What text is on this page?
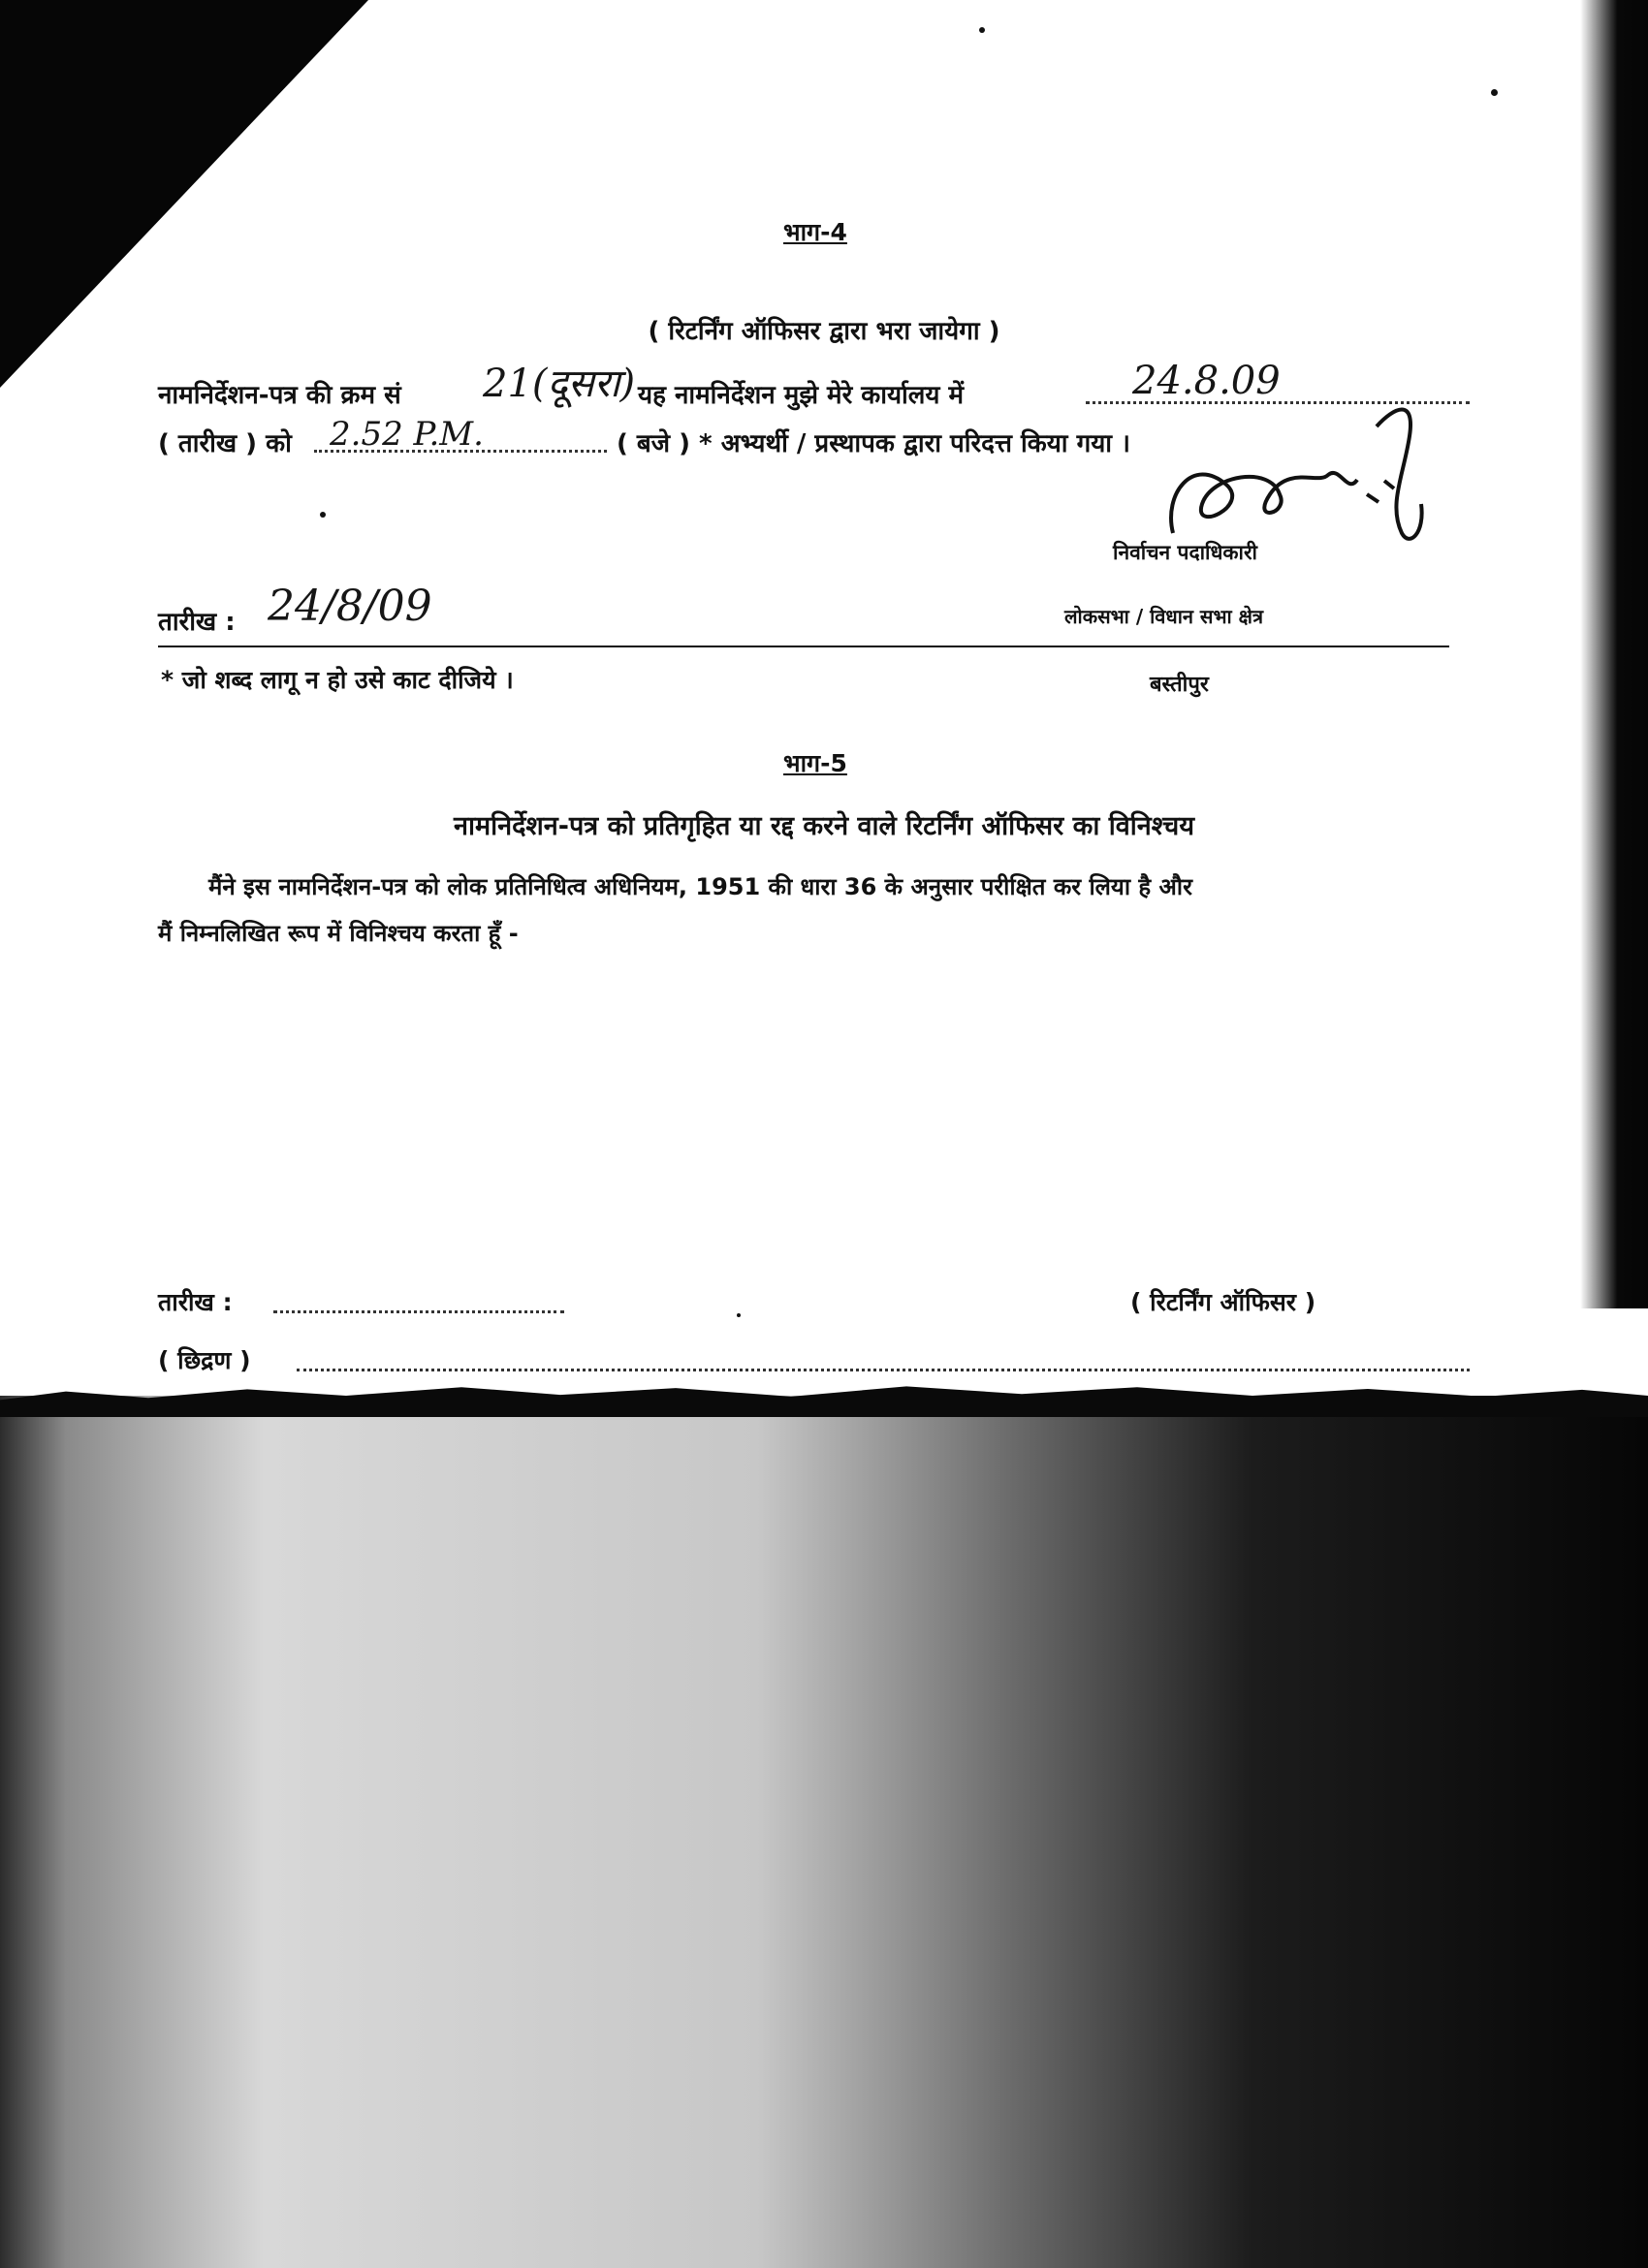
भाग-4
( रिटर्निंग ऑफिसर द्वारा भरा जायेगा )
नामनिर्देशन-पत्र की क्रम सं 21(दूसरा) यह नामनिर्देशन मुझे मेरे कार्यालय में	24.8.09
( तारीख ) को 2.52 P.M.	( बजे ) * अभ्यर्थी / प्रस्थापक द्वारा परिदत्त किया गया ।
निर्वाचन पदाधिकारी
लोकसभा / विधान सभा क्षेत्र
बस्तीपुर
तारीख : 24/8/09
* जो शब्द लागू न हो उसे काट दीजिये ।
भाग-5
नामनिर्देशन-पत्र को प्रतिगृहित या रद्द करने वाले रिटर्निंग ऑफिसर का विनिश्चय
मैंने इस नामनिर्देशन-पत्र को लोक प्रतिनिधित्व अधिनियम, 1951 की धारा 36 के अनुसार परीक्षित कर लिया है और
मैं निम्नलिखित रूप में विनिश्चय करता हूँ -
तारीख :	( रिटर्निंग ऑफिसर )
( छिद्रण )
